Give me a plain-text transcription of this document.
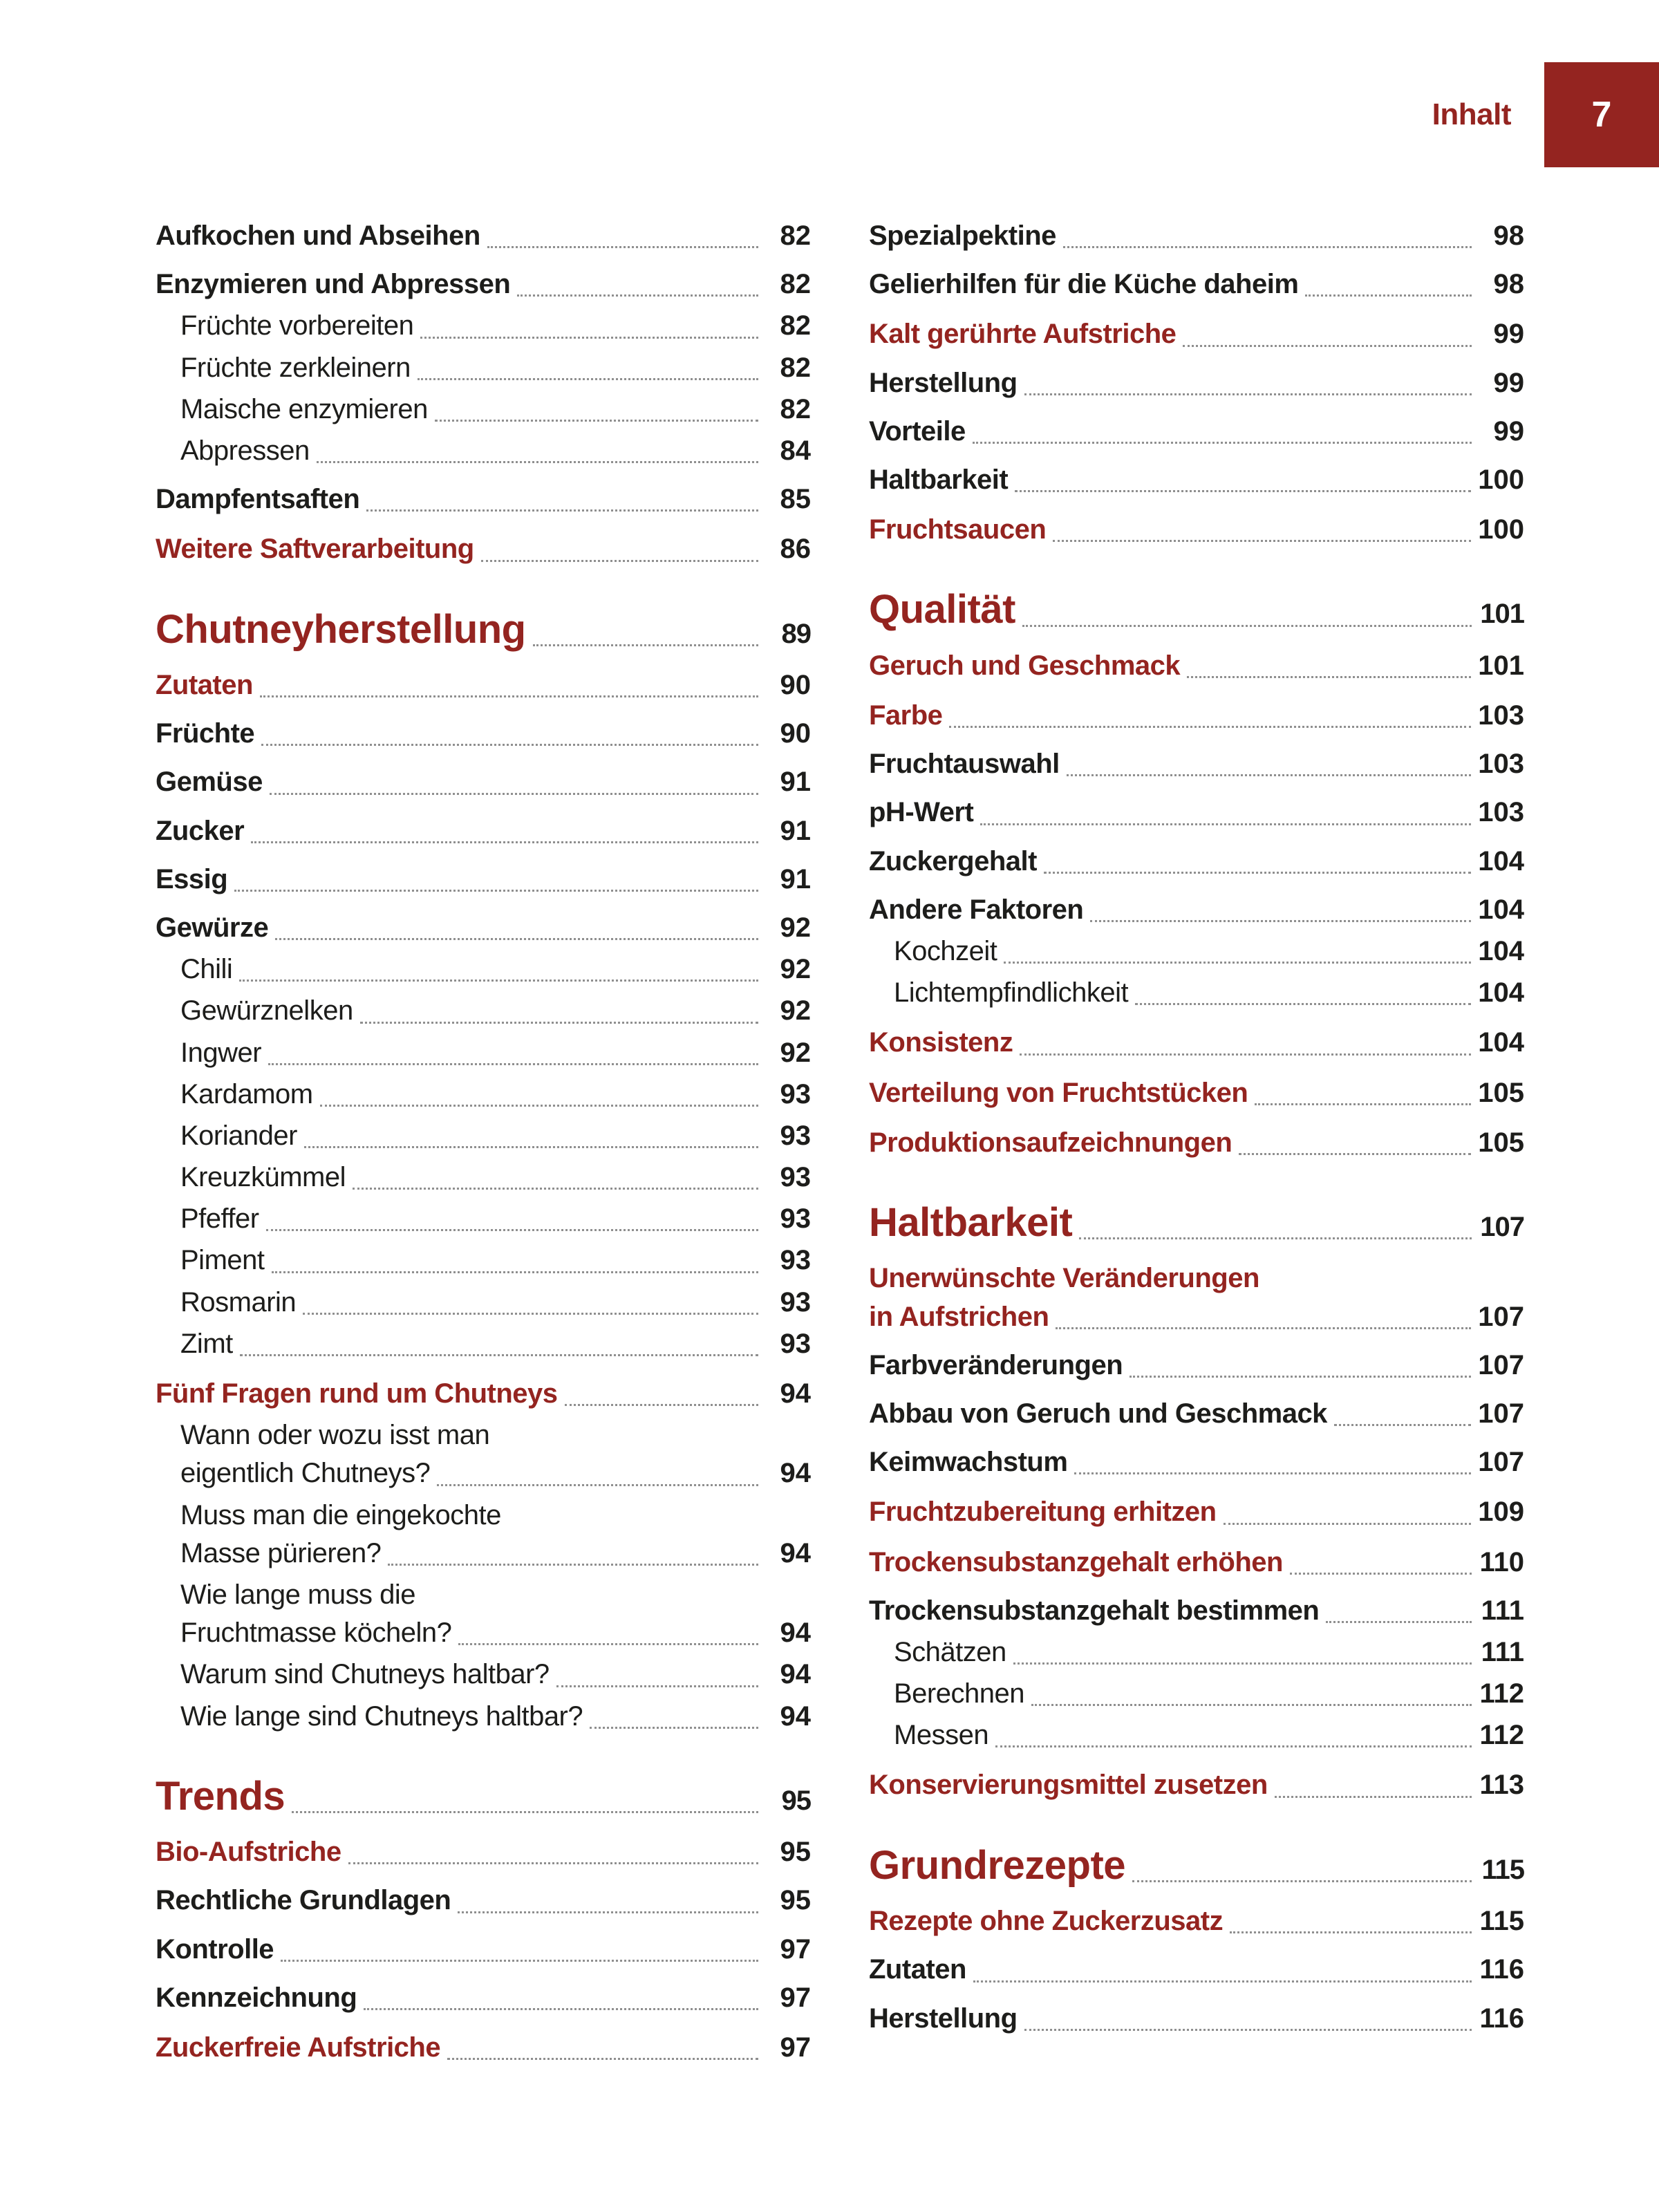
Inhalt 7
Aufkochen und Abseihen	82
Enzymieren und Abpressen	82
Früchte vorbereiten	82
Früchte zerkleinern	82
Maische enzymieren	82
Abpressen	84
Dampfentsaften	85
Weitere Saftverarbeitung	86
Chutneyherstellung	89
Zutaten	90
Früchte	90
Gemüse	91
Zucker	91
Essig	91
Gewürze	92
Chili	92
Gewürznelken	92
Ingwer	92
Kardamom	93
Koriander	93
Kreuzkümmel	93
Pfeffer	93
Piment	93
Rosmarin	93
Zimt	93
Fünf Fragen rund um Chutneys	94
Wann oder wozu isst man
eigentlich Chutneys?	94
Muss man die eingekochte
Masse pürieren?	94
Wie lange muss die
Fruchtmasse köcheln?	94
Warum sind Chutneys haltbar?	94
Wie lange sind Chutneys haltbar?	94
Trends	95
Bio-Aufstriche	95
Rechtliche Grundlagen	95
Kontrolle	97
Kennzeichnung	97
Zuckerfreie Aufstriche	97
Spezialpektine	98
Gelierhilfen für die Küche daheim	98
Kalt gerührte Aufstriche	99
Herstellung	99
Vorteile	99
Haltbarkeit	100
Fruchtsaucen	100
Qualität	101
Geruch und Geschmack	101
Farbe	103
Fruchtauswahl	103
pH-Wert	103
Zuckergehalt	104
Andere Faktoren	104
Kochzeit	104
Lichtempfindlichkeit	104
Konsistenz	104
Verteilung von Fruchtstücken	105
Produktionsaufzeichnungen	105
Haltbarkeit	107
Unerwünschte Veränderungen
in Aufstrichen	107
Farbveränderungen	107
Abbau von Geruch und Geschmack	107
Keimwachstum	107
Fruchtzubereitung erhitzen	109
Trockensubstanzgehalt erhöhen	110
Trockensubstanzgehalt bestimmen	111
Schätzen	111
Berechnen	112
Messen	112
Konservierungsmittel zusetzen	113
Grundrezepte	115
Rezepte ohne Zuckerzusatz	115
Zutaten	116
Herstellung	116
